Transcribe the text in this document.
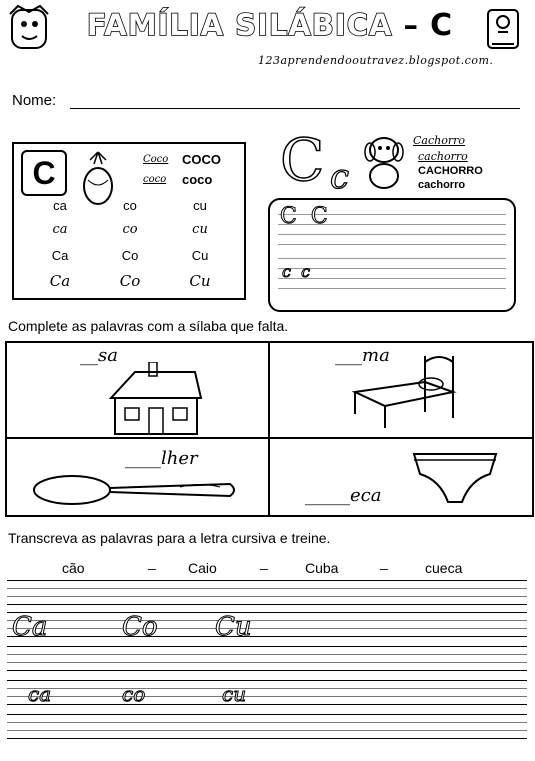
FAMÍLIA SILÁBICA – C
123aprendendooutravez.blogspot.com.
Nome:
C	Coco COCO
coco coco
ca	co	cu
ca	co	cu
Ca	Co	Cu
Ca	Co	Cu
C c
Cachorro
cachorro
CACHORRO
cachorro
C  C
c  c
Complete as palavras com a sílaba que falta.
__sa	___ma
____lher
_____eca
Transcreva as palavras para a letra cursiva e treine.
cão	– Caio	–	Cuba	–	cueca
Ca	Co Cu
ca	co	cu
